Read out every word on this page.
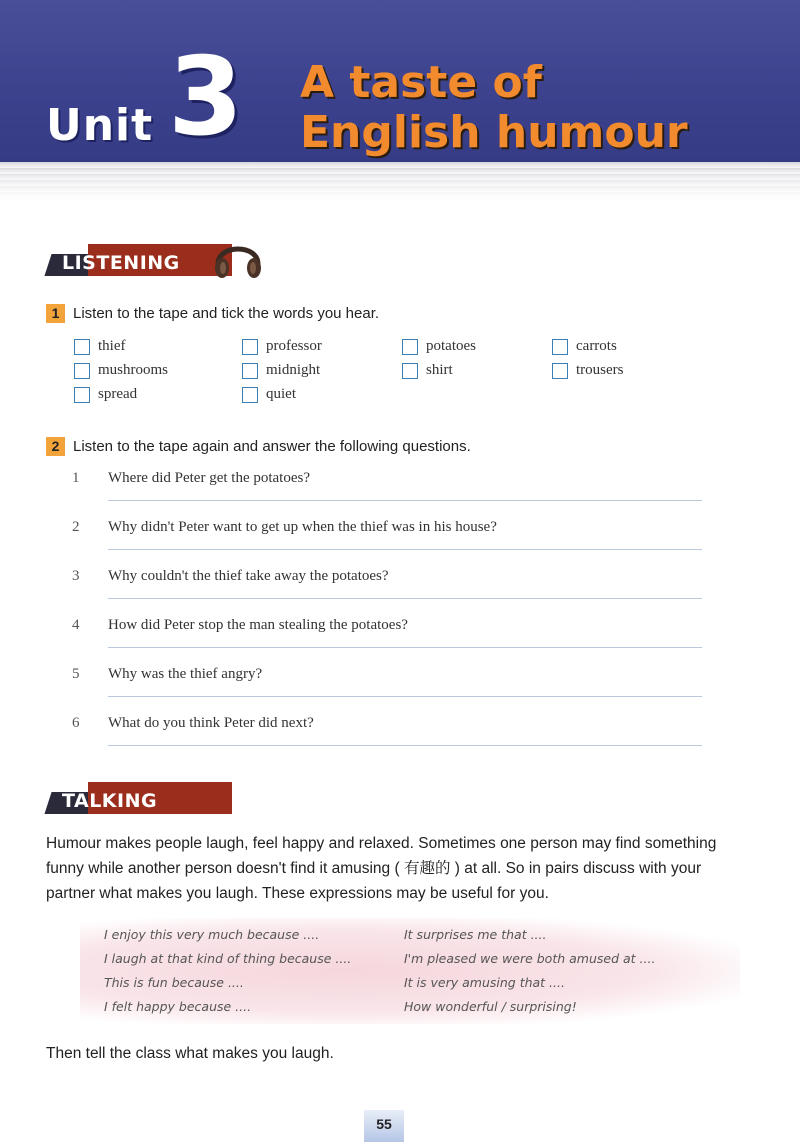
Unit 3 A taste of
English humour
LISTENING
1 Listen to the tape and tick the words you hear.
thief
mushrooms
spread
professor
midnight
quiet
potatoes
shirt
carrots
trousers
2 Listen to the tape again and answer the following questions.
1 Where did Peter get the potatoes?
2 Why didn't Peter want to get up when the thief was in his house?
3 Why couldn't the thief take away the potatoes?
4 How did Peter stop the man stealing the potatoes?
5 Why was the thief angry?
6 What do you think Peter did next?
TALKING
Humour makes people laugh, feel happy and relaxed. Sometimes one person may find something funny while another person doesn't find it amusing ( 有趣的 ) at all. So in pairs discuss with your partner what makes you laugh. These expressions may be useful for you.
I enjoy this very much because ....
I laugh at that kind of thing because ....
This is fun because ....
I felt happy because ....
It surprises me that ....
I'm pleased we were both amused at ....
It is very amusing that ....
How wonderful / surprising!
Then tell the class what makes you laugh.
55
